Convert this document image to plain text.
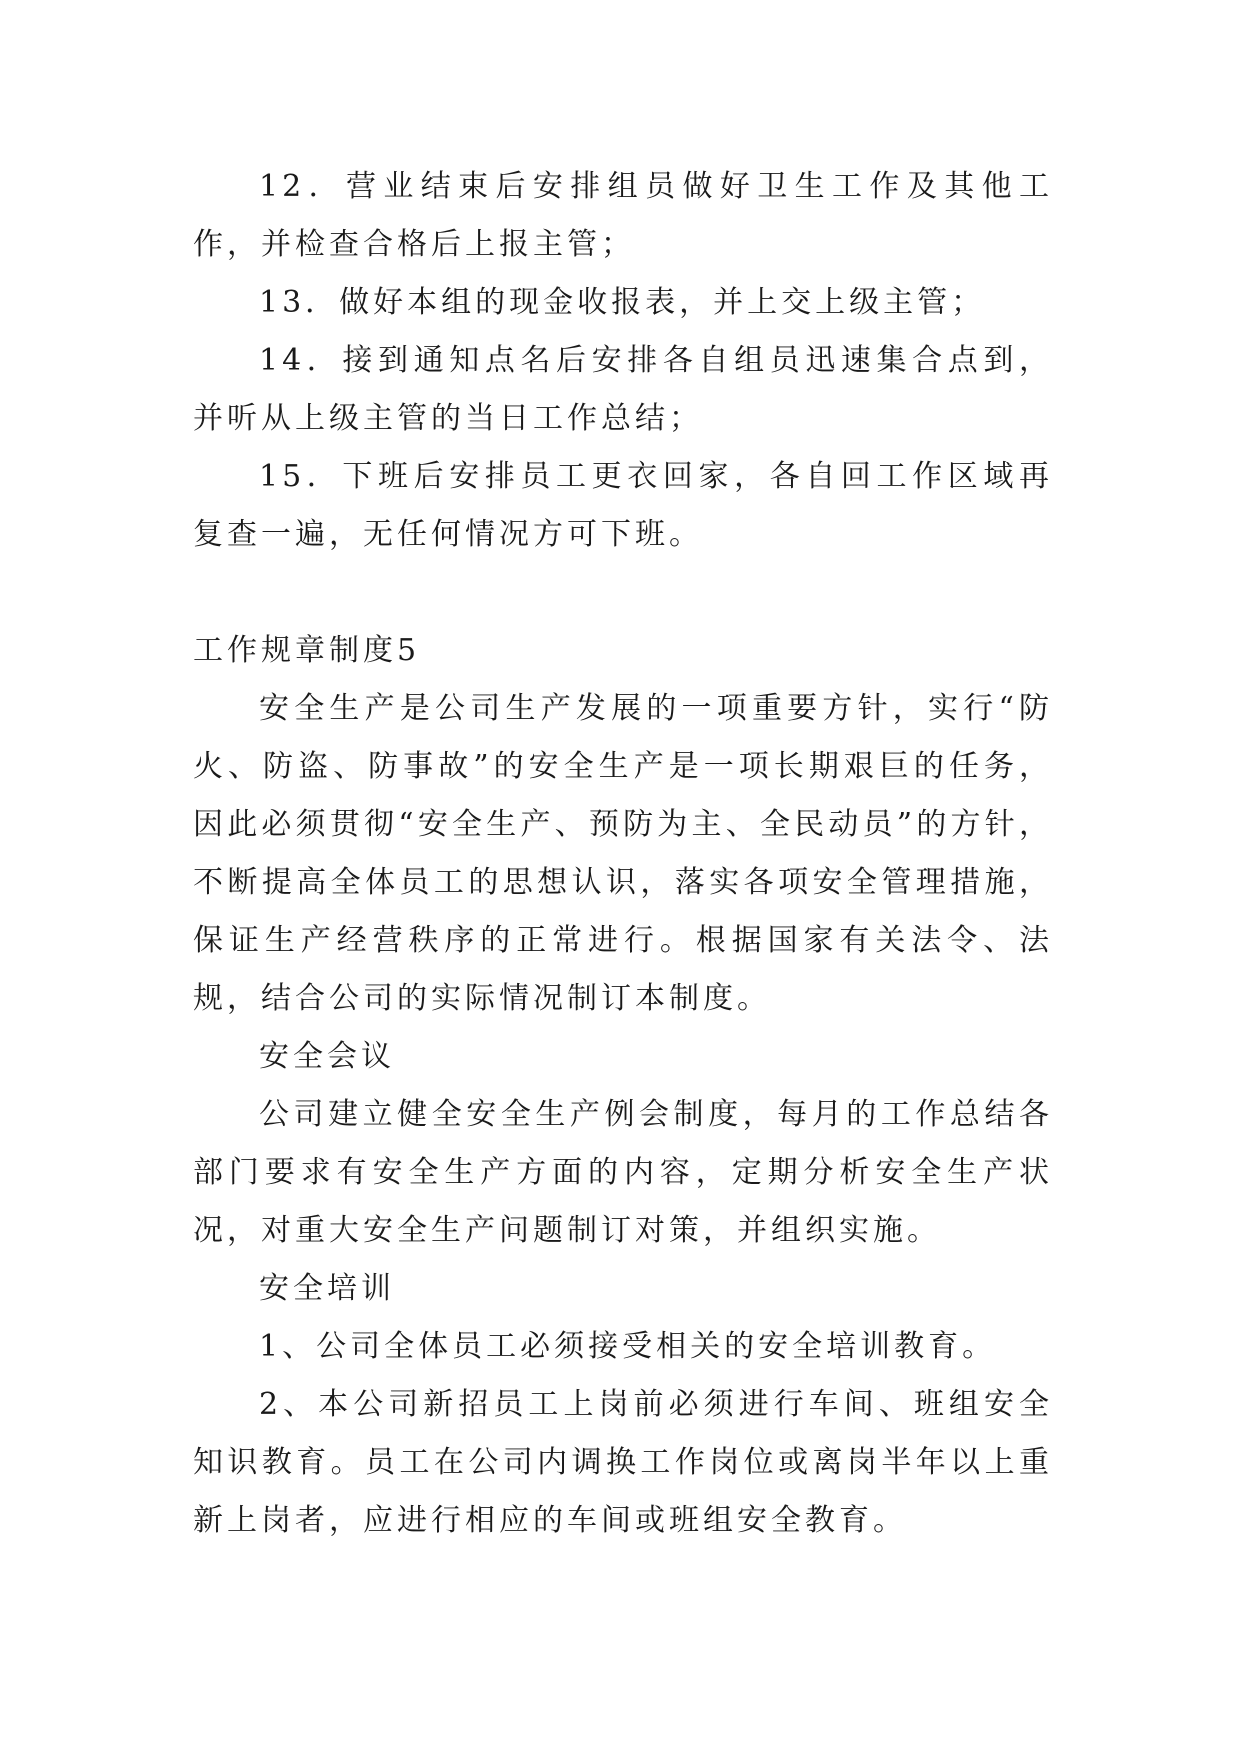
12．营业结束后安排组员做好卫生工作及其他工作，并检查合格后上报主管；

13．做好本组的现金收报表，并上交上级主管；

14．接到通知点名后安排各自组员迅速集合点到，并听从上级主管的当日工作总结；

15．下班后安排员工更衣回家，各自回工作区域再复查一遍，无任何情况方可下班。

工作规章制度5

安全生产是公司生产发展的一项重要方针，实行“防火、防盗、防事故”的安全生产是一项长期艰巨的任务，因此必须贯彻“安全生产、预防为主、全民动员”的方针，不断提高全体员工的思想认识，落实各项安全管理措施，保证生产经营秩序的正常进行。根据国家有关法令、法规，结合公司的实际情况制订本制度。

安全会议

公司建立健全安全生产例会制度，每月的工作总结各部门要求有安全生产方面的内容，定期分析安全生产状况，对重大安全生产问题制订对策，并组织实施。

安全培训

1、公司全体员工必须接受相关的安全培训教育。

2、本公司新招员工上岗前必须进行车间、班组安全知识教育。员工在公司内调换工作岗位或离岗半年以上重新上岗者，应进行相应的车间或班组安全教育。
